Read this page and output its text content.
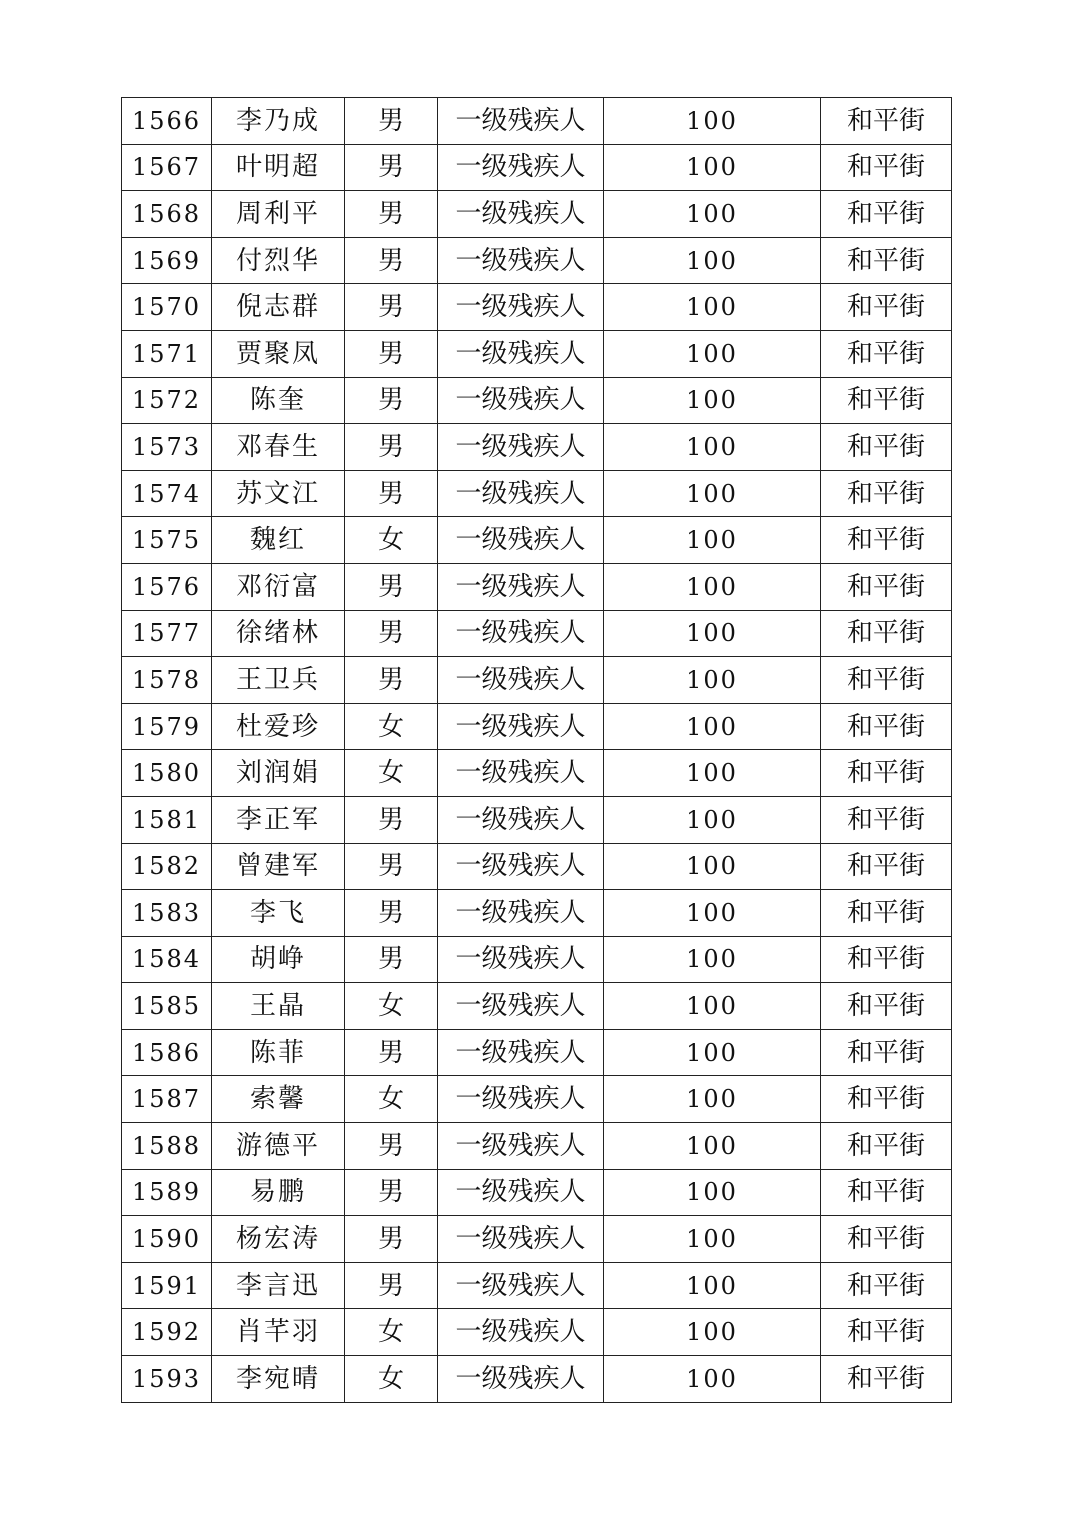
1566	李乃成	男	一级残疾人	100	和平街
1567	叶明超	男	一级残疾人	100	和平街
1568	周利平	男	一级残疾人	100	和平街
1569	付烈华	男	一级残疾人	100	和平街
1570	倪志群	男	一级残疾人	100	和平街
1571	贾聚凤	男	一级残疾人	100	和平街
1572	陈奎	男	一级残疾人	100	和平街
1573	邓春生	男	一级残疾人	100	和平街
1574	苏文江	男	一级残疾人	100	和平街
1575	魏红	女	一级残疾人	100	和平街
1576	邓衍富	男	一级残疾人	100	和平街
1577	徐绪林	男	一级残疾人	100	和平街
1578	王卫兵	男	一级残疾人	100	和平街
1579	杜爱珍	女	一级残疾人	100	和平街
1580	刘润娟	女	一级残疾人	100	和平街
1581	李正军	男	一级残疾人	100	和平街
1582	曾建军	男	一级残疾人	100	和平街
1583	李飞	男	一级残疾人	100	和平街
1584	胡峥	男	一级残疾人	100	和平街
1585	王晶	女	一级残疾人	100	和平街
1586	陈菲	男	一级残疾人	100	和平街
1587	索馨	女	一级残疾人	100	和平街
1588	游德平	男	一级残疾人	100	和平街
1589	易鹏	男	一级残疾人	100	和平街
1590	杨宏涛	男	一级残疾人	100	和平街
1591	李言迅	男	一级残疾人	100	和平街
1592	肖芊羽	女	一级残疾人	100	和平街
1593	李宛晴	女	一级残疾人	100	和平街
